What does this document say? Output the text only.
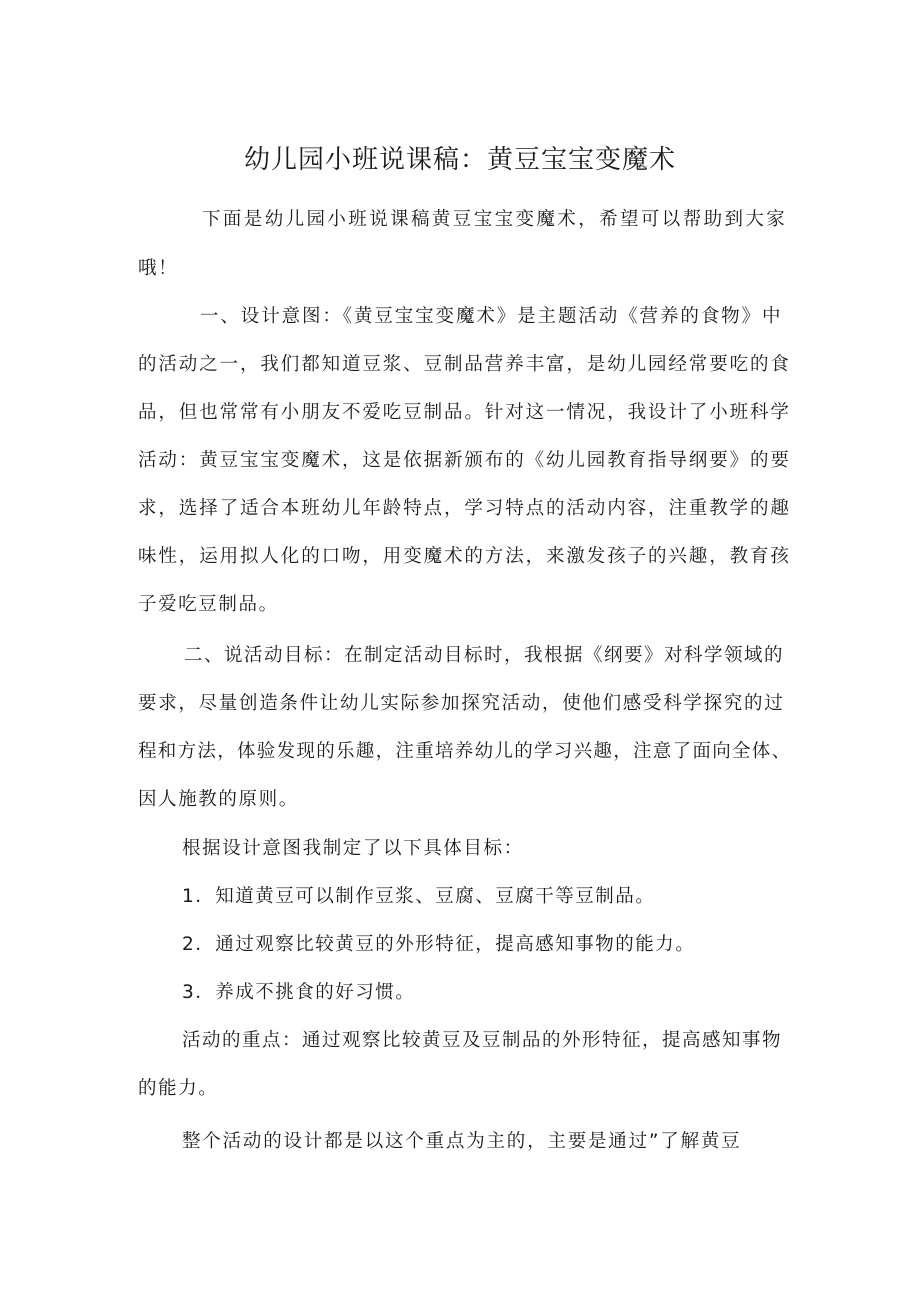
幼儿园小班说课稿：黄豆宝宝变魔术

下面是幼儿园小班说课稿黄豆宝宝变魔术，希望可以帮助到大家

哦！

一、设计意图：《黄豆宝宝变魔术》是主题活动《营养的食物》中

的活动之一，我们都知道豆浆、豆制品营养丰富，是幼儿园经常要吃的食

品，但也常常有小朋友不爱吃豆制品。针对这一情况，我设计了小班科学

活动：黄豆宝宝变魔术，这是依据新颁布的《幼儿园教育指导纲要》的要

求，选择了适合本班幼儿年龄特点，学习特点的活动内容，注重教学的趣

味性，运用拟人化的口吻，用变魔术的方法，来激发孩子的兴趣，教育孩

子爱吃豆制品。

二、说活动目标：在制定活动目标时，我根据《纲要》对科学领域的

要求，尽量创造条件让幼儿实际参加探究活动，使他们感受科学探究的过

程和方法，体验发现的乐趣，注重培养幼儿的学习兴趣，注意了面向全体、

因人施教的原则。

根据设计意图我制定了以下具体目标：

1．知道黄豆可以制作豆浆、豆腐、豆腐干等豆制品。

2．通过观察比较黄豆的外形特征，提高感知事物的能力。

3．养成不挑食的好习惯。

活动的重点：通过观察比较黄豆及豆制品的外形特征，提高感知事物

的能力。

整个活动的设计都是以这个重点为主的，主要是通过”了解黄豆
